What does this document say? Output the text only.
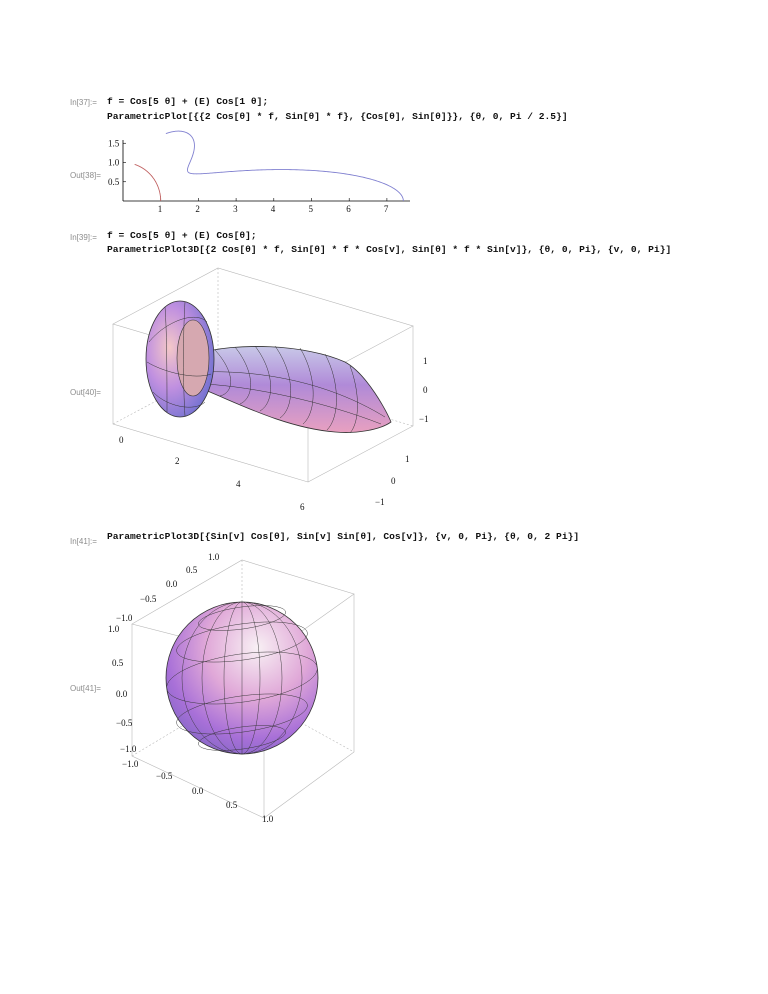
In[37]:= f = Cos[5 θ] + (E) Cos[1 θ];
ParametricPlot[{{2 Cos[θ] * f, Sin[θ] * f}, {Cos[θ], Sin[θ]}}, {θ, 0, Pi / 2.5}]
Out[38]=
1	2	3	4	5	6	7
0.5
1.0
1.5
In[39]:= f = Cos[5 θ] + (E) Cos[θ];
ParametricPlot3D[{2 Cos[θ] * f, Sin[θ] * f * Cos[v], Sin[θ] * f * Sin[v]}, {θ, 0, Pi}, {v, 0, Pi}]
Out[40]=
0
2
4
6
1
0
−1
1
0
−1
In[41]:= ParametricPlot3D[{Sin[v] Cos[θ], Sin[v] Sin[θ], Cos[v]}, {v, 0, Pi}, {θ, 0, 2 Pi}]
Out[41]=
1.0
0.5
0.0
−0.5
−1.0
1.0
0.5
0.0
−0.5
−1.0
−1.0
−0.5
0.0
0.5
1.0
